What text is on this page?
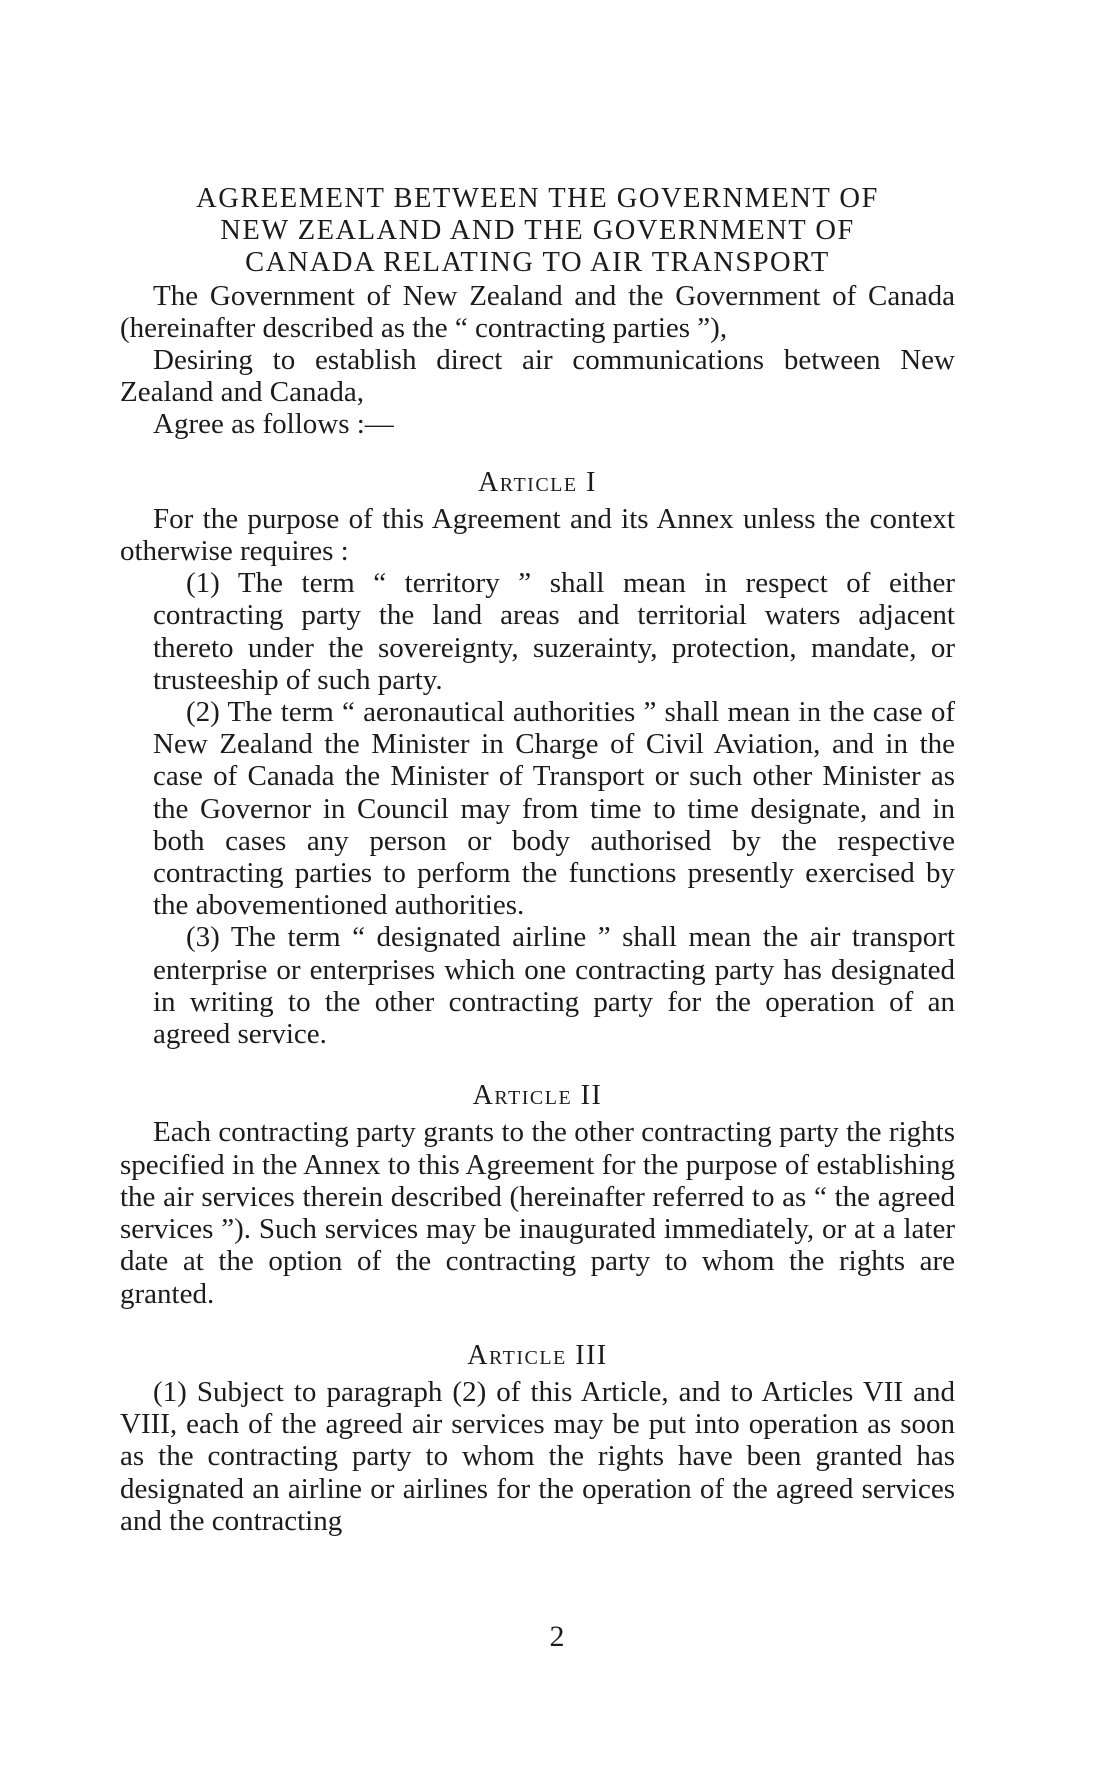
AGREEMENT BETWEEN THE GOVERNMENT OF
NEW ZEALAND AND THE GOVERNMENT OF
CANADA RELATING TO AIR TRANSPORT

The Government of New Zealand and the Government of Canada (hereinafter described as the “ contracting parties ”),

Desiring to establish direct air communications between New Zealand and Canada,

Agree as follows :—

Article I

For the purpose of this Agreement and its Annex unless the context otherwise requires :

(1) The term “ territory ” shall mean in respect of either contracting party the land areas and territorial waters adjacent thereto under the sovereignty, suzerainty, protection, mandate, or trusteeship of such party.

(2) The term “ aeronautical authorities ” shall mean in the case of New Zealand the Minister in Charge of Civil Aviation, and in the case of Canada the Minister of Transport or such other Minister as the Governor in Council may from time to time designate, and in both cases any person or body authorised by the respective contracting parties to perform the functions presently exercised by the abovementioned authorities.

(3) The term “ designated airline ” shall mean the air transport enterprise or enterprises which one contracting party has designated in writing to the other contracting party for the operation of an agreed service.

Article II

Each contracting party grants to the other contracting party the rights specified in the Annex to this Agreement for the purpose of establishing the air services therein described (hereinafter referred to as “ the agreed services ”). Such services may be inaugurated immediately, or at a later date at the option of the contracting party to whom the rights are granted.

Article III

(1) Subject to paragraph (2) of this Article, and to Articles VII and VIII, each of the agreed air services may be put into operation as soon as the contracting party to whom the rights have been granted has designated an airline or airlines for the operation of the agreed services and the contracting

2
